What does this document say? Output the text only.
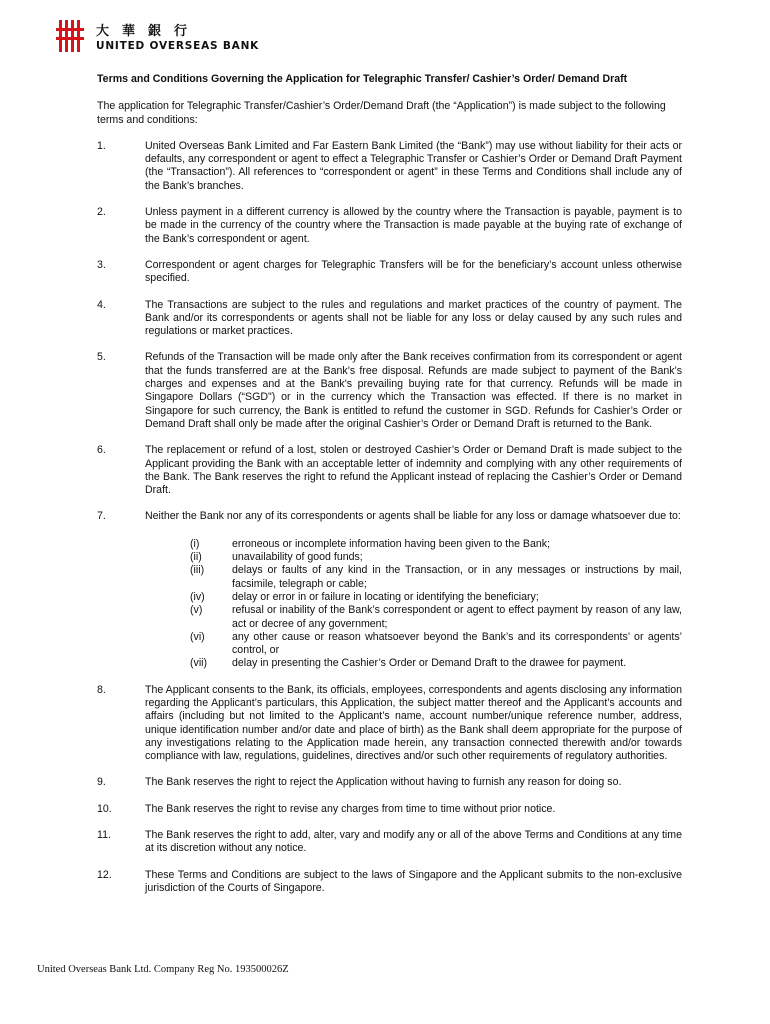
大華銀行
UNITED OVERSEAS BANK
Terms and Conditions Governing the Application for Telegraphic Transfer/ Cashier’s Order/ Demand Draft
The application for Telegraphic Transfer/Cashier’s Order/Demand Draft (the “Application”) is made subject to the following terms and conditions:
1.	United Overseas Bank Limited and Far Eastern Bank Limited (the “Bank”) may use without liability for their acts or defaults, any correspondent or agent to effect a Telegraphic Transfer or Cashier’s Order or Demand Draft Payment (the “Transaction”). All references to “correspondent or agent” in these Terms and Conditions shall include any of the Bank’s branches.
2.	Unless payment in a different currency is allowed by the country where the Transaction is payable, payment is to be made in the currency of the country where the Transaction is made payable at the buying rate of exchange of the Bank’s correspondent or agent.
3.	Correspondent or agent charges for Telegraphic Transfers will be for the beneficiary’s account unless otherwise specified.
4.	The Transactions are subject to the rules and regulations and market practices of the country of payment. The Bank and/or its correspondents or agents shall not be liable for any loss or delay caused by any such rules and regulations or market practices.
5.	Refunds of the Transaction will be made only after the Bank receives confirmation from its correspondent or agent that the funds transferred are at the Bank’s free disposal. Refunds are made subject to payment of the Bank’s charges and expenses and at the Bank's prevailing buying rate for that currency. Refunds will be made in Singapore Dollars (“SGD") or in the currency which the Transaction was effected. If there is no market in Singapore for such currency, the Bank is entitled to refund the customer in SGD. Refunds for Cashier’s Order or Demand Draft shall only be made after the original Cashier’s Order or Demand Draft is returned to the Bank.
6.	The replacement or refund of a lost, stolen or destroyed Cashier’s Order or Demand Draft is made subject to the Applicant providing the Bank with an acceptable letter of indemnity and complying with any other requirements of the Bank. The Bank reserves the right to refund the Applicant instead of replacing the Cashier’s Order or Demand Draft.
7.	Neither the Bank nor any of its correspondents or agents shall be liable for any loss or damage whatsoever due to:
(i)	erroneous or incomplete information having been given to the Bank;
(ii)	unavailability of good funds;
(iii)	delays or faults of any kind in the Transaction, or in any messages or instructions by mail, facsimile, telegraph or cable;
(iv)	delay or error in or failure in locating or identifying the beneficiary;
(v)	refusal or inability of the Bank’s correspondent or agent to effect payment by reason of any law, act or decree of any government;
(vi)	any other cause or reason whatsoever beyond the Bank’s and its correspondents’ or agents’ control, or
(vii)	delay in presenting the Cashier’s Order or Demand Draft to the drawee for payment.
8.	The Applicant consents to the Bank, its officials, employees, correspondents and agents disclosing any information regarding the Applicant’s particulars, this Application, the subject matter thereof and the Applicant’s accounts and affairs (including but not limited to the Applicant’s name, account number/unique reference number, address, unique identification number and/or date and place of birth) as the Bank shall deem appropriate for the purpose of any investigations relating to the Application made herein, any transaction connected therewith and/or towards compliance with law, regulations, guidelines, directives and/or such other requirements of regulatory authorities.
9.	The Bank reserves the right to reject the Application without having to furnish any reason for doing so.
10.	The Bank reserves the right to revise any charges from time to time without prior notice.
11.	The Bank reserves the right to add, alter, vary and modify any or all of the above Terms and Conditions at any time at its discretion without any notice.
12.	These Terms and Conditions are subject to the laws of Singapore and the Applicant submits to the non-exclusive jurisdiction of the Courts of Singapore.
United Overseas Bank Ltd. Company Reg No. 193500026Z
